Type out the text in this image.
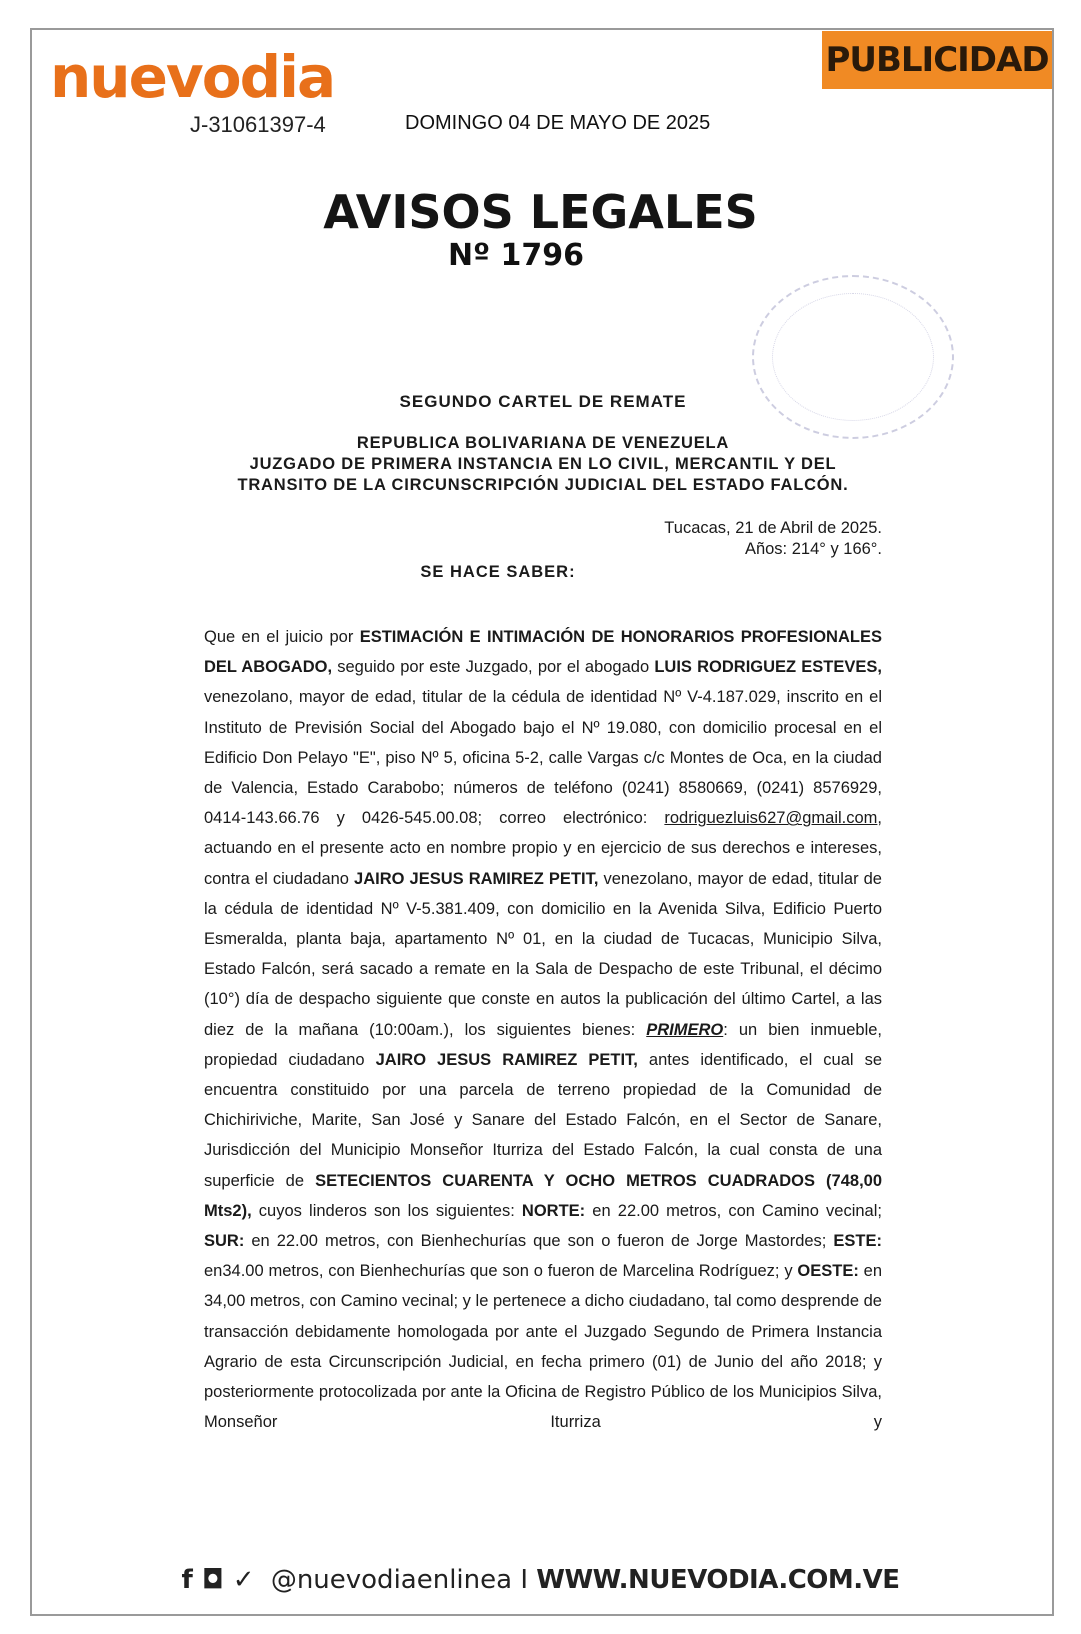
nuevodia
J-31061397-4	DOMINGO 04 DE MAYO DE 2025
PUBLICIDAD
AVISOS LEGALES
Nº 1796
SEGUNDO CARTEL DE REMATE
REPUBLICA BOLIVARIANA DE VENEZUELA
JUZGADO DE PRIMERA INSTANCIA EN LO CIVIL, MERCANTIL Y DEL
TRANSITO DE LA CIRCUNSCRIPCIÓN JUDICIAL DEL ESTADO FALCÓN.
Tucacas, 21 de Abril de 2025.
Años: 214° y 166°.
SE HACE SABER:
Que en el juicio por ESTIMACIÓN E INTIMACIÓN DE HONORARIOS PROFESIONALES DEL ABOGADO, seguido por este Juzgado, por el abogado LUIS RODRIGUEZ ESTEVES, venezolano, mayor de edad, titular de la cédula de identidad Nº V-4.187.029, inscrito en el Instituto de Previsión Social del Abogado bajo el Nº 19.080, con domicilio procesal en el Edificio Don Pelayo "E", piso Nº 5, oficina 5-2, calle Vargas c/c Montes de Oca, en la ciudad de Valencia, Estado Carabobo; números de teléfono (0241) 8580669, (0241) 8576929, 0414-143.66.76 y 0426-545.00.08; correo electrónico: rodriguezluis627@gmail.com, actuando en el presente acto en nombre propio y en ejercicio de sus derechos e intereses, contra el ciudadano JAIRO JESUS RAMIREZ PETIT, venezolano, mayor de edad, titular de la cédula de identidad Nº V-5.381.409, con domicilio en la Avenida Silva, Edificio Puerto Esmeralda, planta baja, apartamento Nº 01, en la ciudad de Tucacas, Municipio Silva, Estado Falcón, será sacado a remate en la Sala de Despacho de este Tribunal, el décimo (10°) día de despacho siguiente que conste en autos la publicación del último Cartel, a las diez de la mañana (10:00am.), los siguientes bienes: PRIMERO: un bien inmueble, propiedad ciudadano JAIRO JESUS RAMIREZ PETIT, antes identificado, el cual se encuentra constituido por una parcela de terreno propiedad de la Comunidad de Chichiriviche, Marite, San José y Sanare del Estado Falcón, en el Sector de Sanare, Jurisdicción del Municipio Monseñor Iturriza del Estado Falcón, la cual consta de una superficie de SETECIENTOS CUARENTA Y OCHO METROS CUADRADOS (748,00 Mts2), cuyos linderos son los siguientes: NORTE: en 22.00 metros, con Camino vecinal; SUR: en 22.00 metros, con Bienhechurías que son o fueron de Jorge Mastordes; ESTE: en34.00 metros, con Bienhechurías que son o fueron de Marcelina Rodríguez; y OESTE: en 34,00 metros, con Camino vecinal; y le pertenece a dicho ciudadano, tal como desprende de transacción debidamente homologada por ante el Juzgado Segundo de Primera Instancia Agrario de esta Circunscripción Judicial, en fecha primero (01) de Junio del año 2018; y posteriormente protocolizada por ante la Oficina de Registro Público de los Municipios Silva, Monseñor Iturriza y
f ◘ ✓ @nuevodiaenlinea I WWW.NUEVODIA.COM.VE
